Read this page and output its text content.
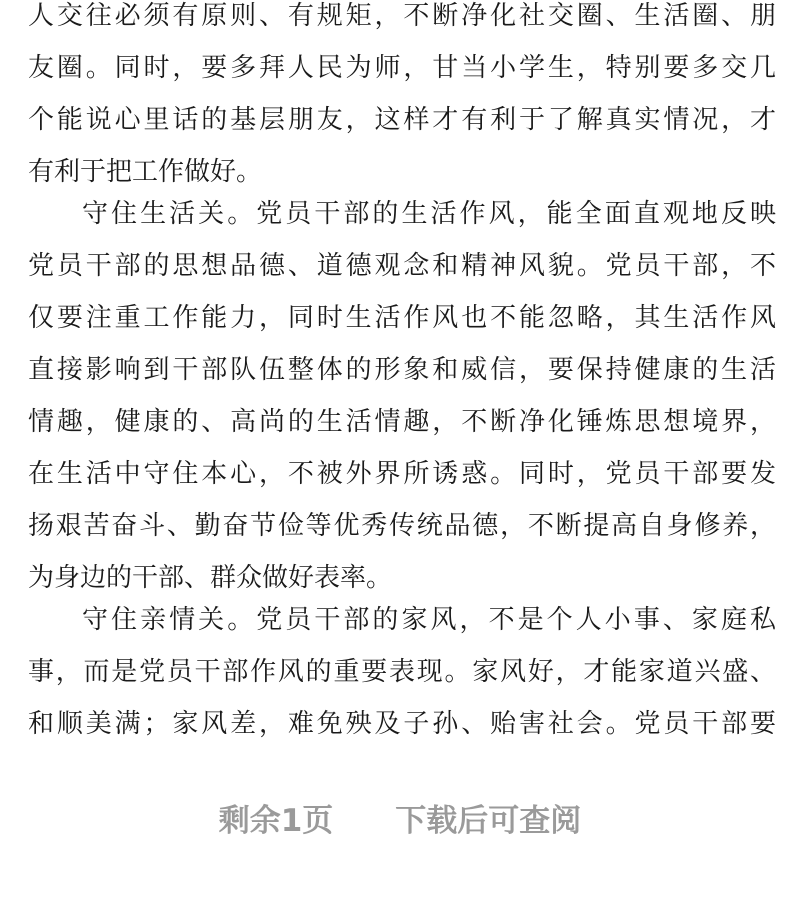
人交往必须有原则、有规矩，不断净化社交圈、生活圈、朋
友圈。同时，要多拜人民为师，甘当小学生，特别要多交几
个能说心里话的基层朋友，这样才有利于了解真实情况，才
有利于把工作做好。
守住生活关。党员干部的生活作风，能全面直观地反映
党员干部的思想品德、道德观念和精神风貌。党员干部，不
仅要注重工作能力，同时生活作风也不能忽略，其生活作风
直接影响到干部队伍整体的形象和威信，要保持健康的生活
情趣，健康的、高尚的生活情趣，不断净化锤炼思想境界，
在生活中守住本心，不被外界所诱惑。同时，党员干部要发
扬艰苦奋斗、勤奋节俭等优秀传统品德，不断提高自身修养，
为身边的干部、群众做好表率。
守住亲情关。党员干部的家风，不是个人小事、家庭私
事，而是党员干部作风的重要表现。家风好，才能家道兴盛、
和顺美满；家风差，难免殃及子孙、贻害社会。党员干部要
剩余1页 下载后可查阅
